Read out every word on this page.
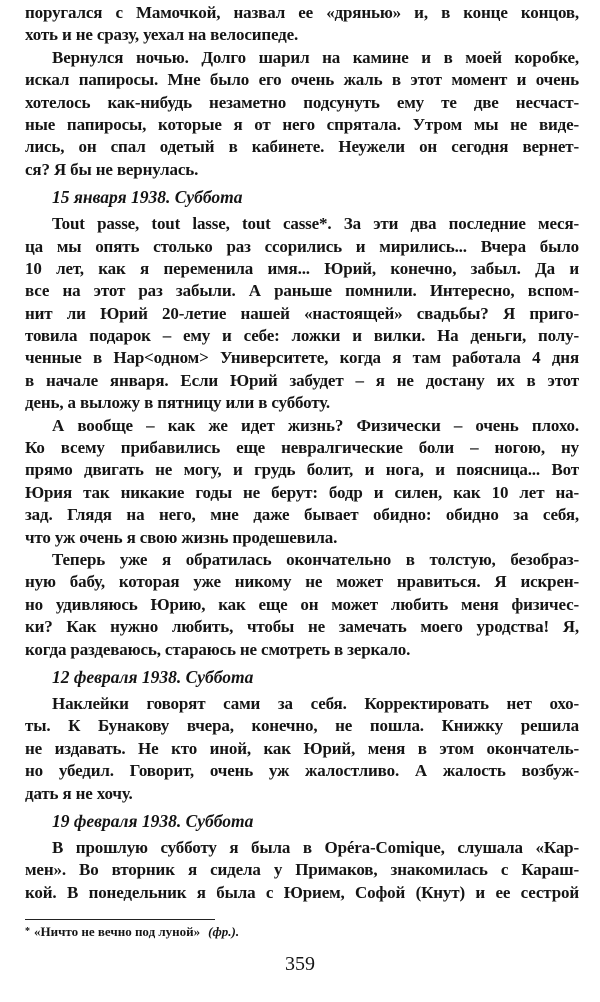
поругался с Мамочкой, назвал ее «дрянью» и, в конце концов,
хоть и не сразу, уехал на велосипеде.
Вернулся ночью. Долго шарил на камине и в моей коробке,
искал папиросы. Мне было его очень жаль в этот момент и очень
хотелось как-нибудь незаметно подсунуть ему те две несчаст-
ные папиросы, которые я от него спрятала. Утром мы не виде-
лись, он спал одетый в кабинете. Неужели он сегодня вернет-
ся? Я бы не вернулась.
15 января 1938. Суббота
Tout passe, tout lasse, tout casse*. За эти два последние меся-
ца мы опять столько раз ссорились и мирились... Вчера было
10 лет, как я переменила имя... Юрий, конечно, забыл. Да и
все на этот раз забыли. А раньше помнили. Интересно, вспом-
нит ли Юрий 20-летие нашей «настоящей» свадьбы? Я приго-
товила подарок – ему и себе: ложки и вилки. На деньги, полу-
ченные в Нар<одном> Университете, когда я там работала 4 дня
в начале января. Если Юрий забудет – я не достану их в этот
день, а выложу в пятницу или в субботу.
А вообще – как же идет жизнь? Физически – очень плохо.
Ко всему прибавились еще невралгические боли – ногою, ну
прямо двигать не могу, и грудь болит, и нога, и поясница... Вот
Юрия так никакие годы не берут: бодр и силен, как 10 лет на-
зад. Глядя на него, мне даже бывает обидно: обидно за себя,
что уж очень я свою жизнь продешевила.
Теперь уже я обратилась окончательно в толстую, безобраз-
ную бабу, которая уже никому не может нравиться. Я искрен-
но удивляюсь Юрию, как еще он может любить меня физичес-
ки? Как нужно любить, чтобы не замечать моего уродства! Я,
когда раздеваюсь, стараюсь не смотреть в зеркало.
12 февраля 1938. Суббота
Наклейки говорят сами за себя. Корректировать нет охо-
ты. К Бунакову вчера, конечно, не пошла. Книжку решила
не издавать. Не кто иной, как Юрий, меня в этом окончатель-
но убедил. Говорит, очень уж жалостливо. А жалость возбуж-
дать я не хочу.
19 февраля 1938. Суббота
В прошлую субботу я была в Opéra-Comique, слушала «Кар-
мен». Во вторник я сидела у Примаков, знакомилась с Караш-
кой. В понедельник я была с Юрием, Софой (Кнут) и ее сестрой
* «Ничто не вечно под луной» (фр.).
359
